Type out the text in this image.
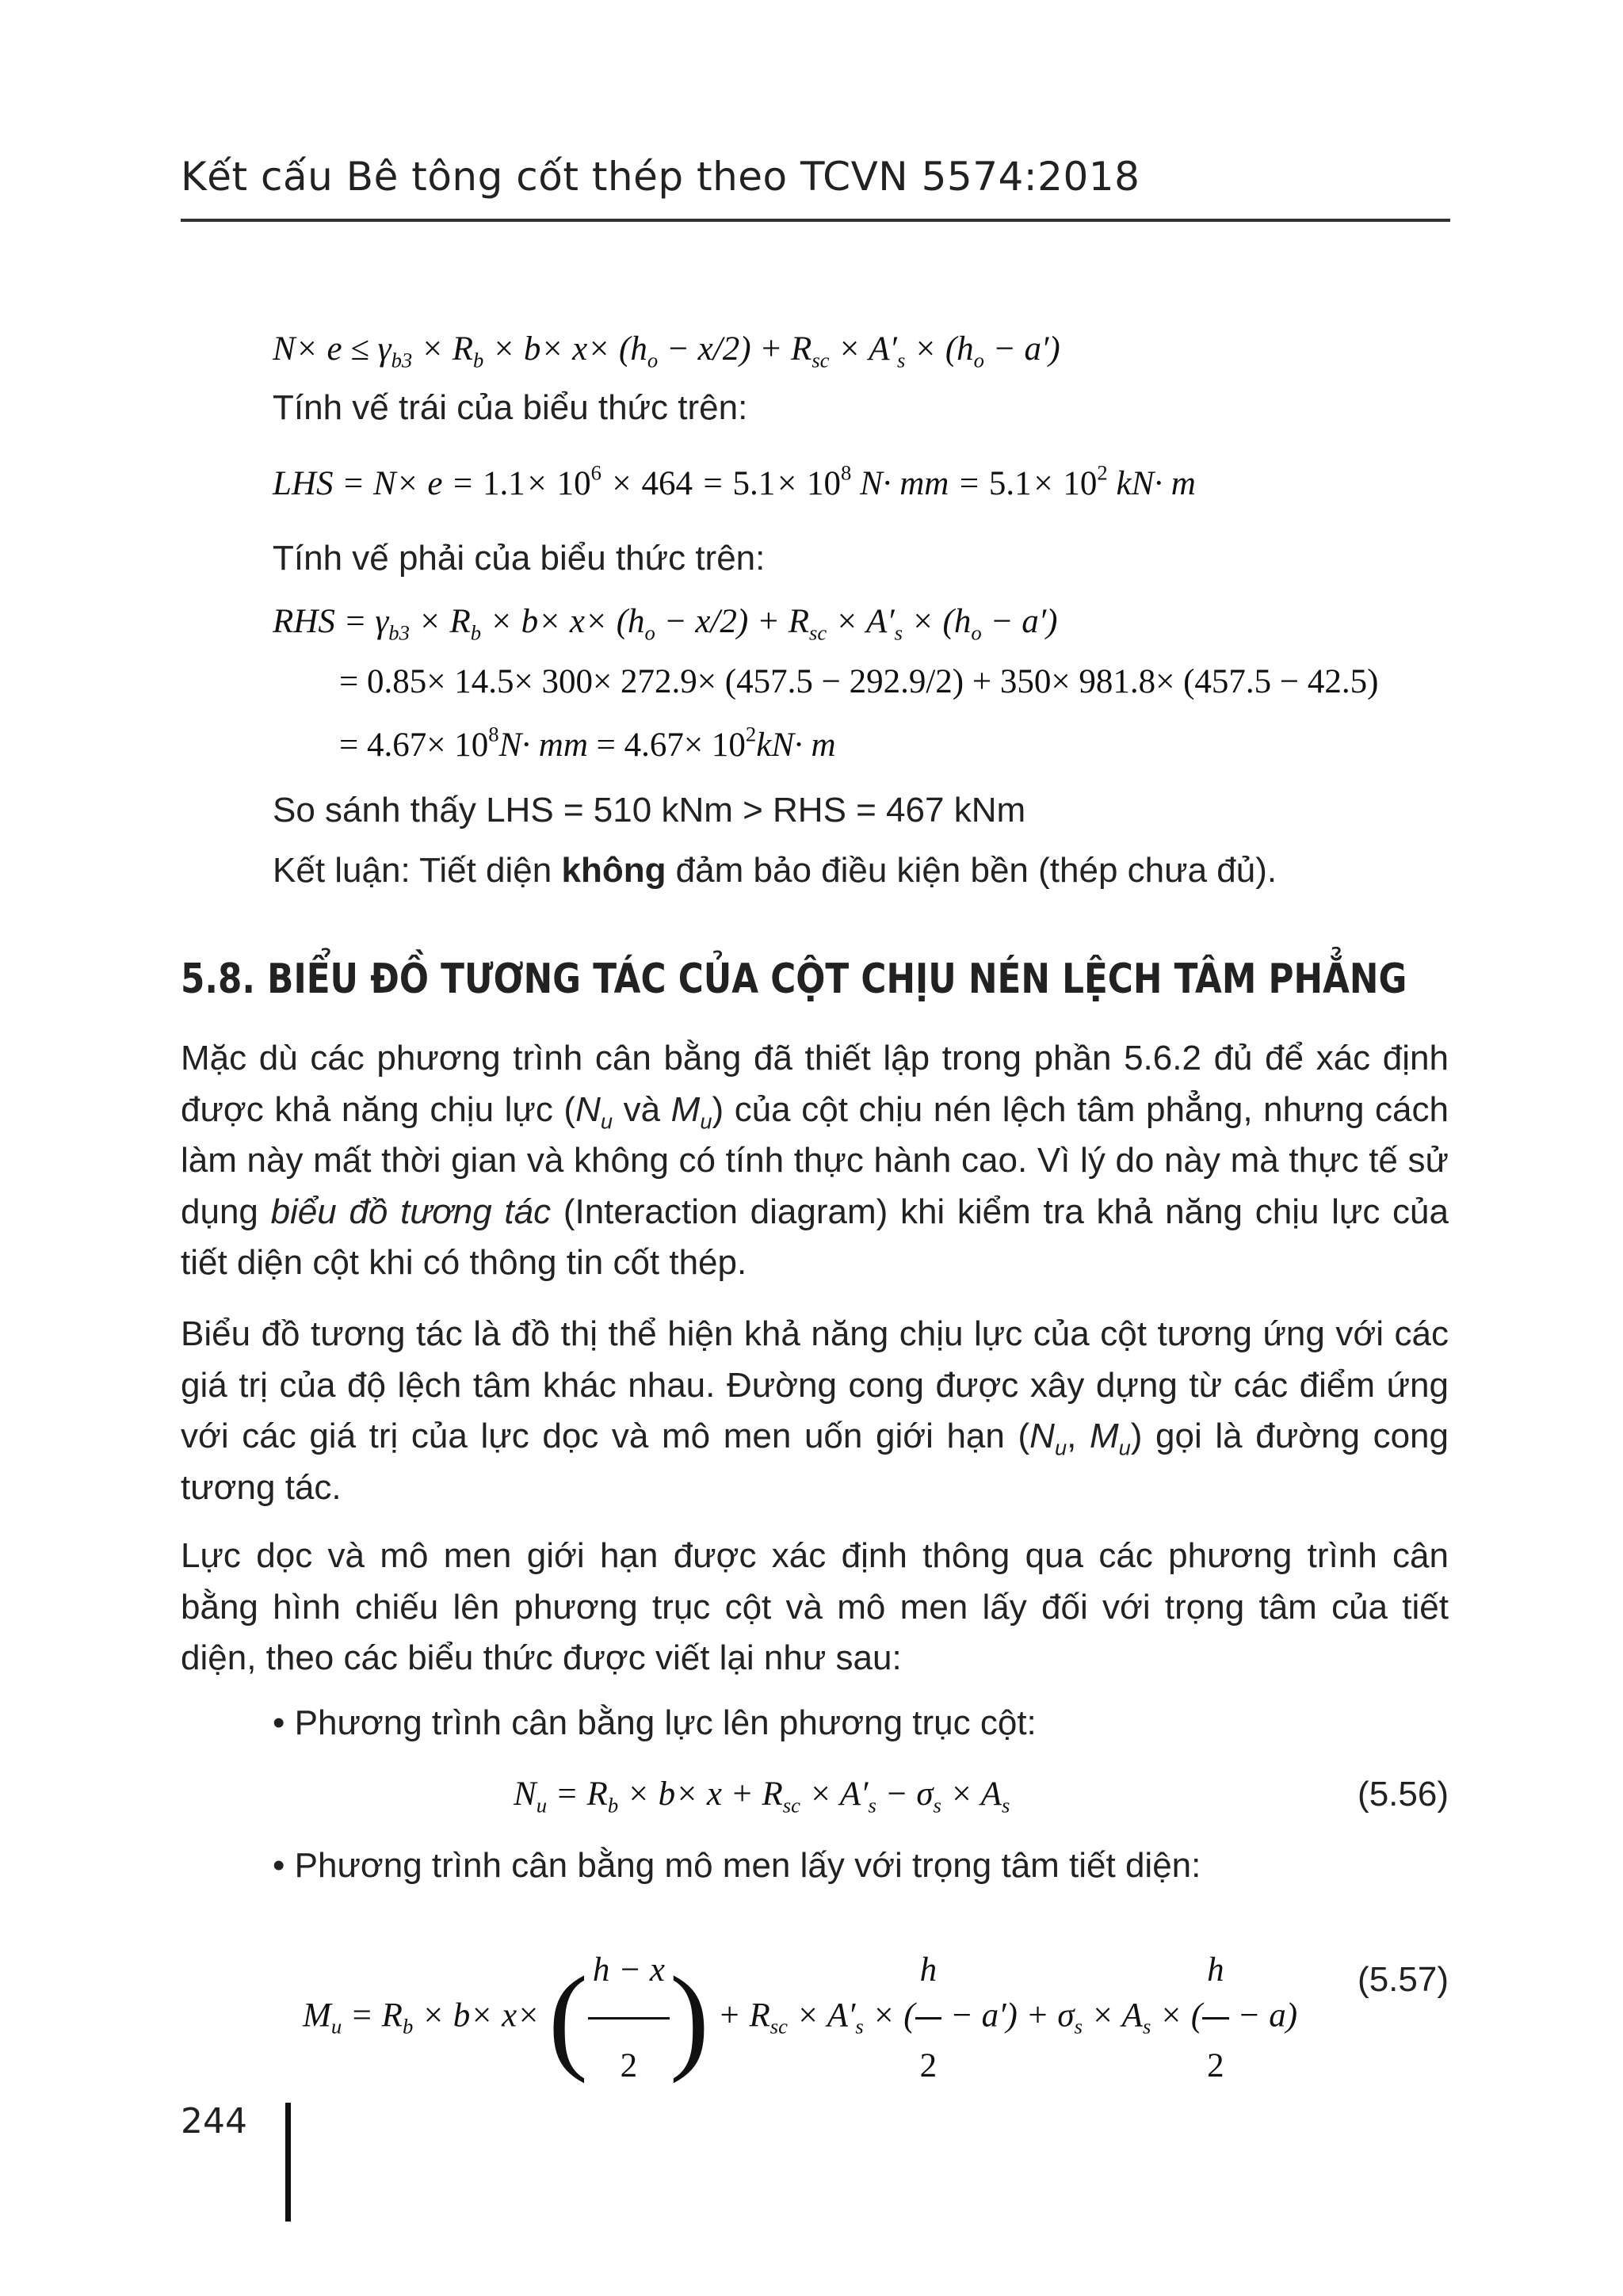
Kết cấu Bê tông cốt thép theo TCVN 5574:2018
$N\times e \le \gamma_{b3} \times R_b \times b\times x\times (h_o - x/2) + R_{sc} \times A'_s \times (h_o - a')$
Tính vế trái của biểu thức trên:
LHS = $N\times e = 1.1\times 10^6 \times 464 = 5.1\times 10^8$ N· mm = $5.1\times 10^2$ kN· m
Tính vế phải của biểu thức trên:
RHS = $\gamma_{b3} \times R_b \times b\times x\times (h_o - x/2) + R_{sc} \times A'_s \times (h_o - a')$
= 0.85× 14.5× 300× 272.9× (457.5 − 292.9/2) + 350× 981.8× (457.5 − 42.5)
= $4.67\times 10^8N\cdot$ mm = $4.67\times 10^2kN\cdot m$
So sánh thấy LHS = 510 kNm > RHS = 467 kNm
Kết luận: Tiết diện không đảm bảo điều kiện bền (thép chưa đủ).
5.8. BIỂU ĐỒ TƯƠNG TÁC CỦA CỘT CHỊU NÉN LỆCH TÂM PHẲNG

Mặc dù các phương trình cân bằng đã thiết lập trong phần 5.6.2 đủ để xác định được khả năng chịu lực ($N_u$ và $M_u$) của cột chịu nén lệch tâm phẳng, nhưng cách làm này mất thời gian và không có tính thực hành cao. Vì lý do này mà thực tế sử dụng biểu đồ tương tác (Interaction diagram) khi kiểm tra khả năng chịu lực của tiết diện cột khi có thông tin cốt thép.

Biểu đồ tương tác là đồ thị thể hiện khả năng chịu lực của cột tương ứng với các giá trị của độ lệch tâm khác nhau. Đường cong được xây dựng từ các điểm ứng với các giá trị của lực dọc và mô men uốn giới hạn ($N_u$, $M_u$) gọi là đường cong tương tác.

Lực dọc và mô men giới hạn được xác định thông qua các phương trình cân bằng hình chiếu lên phương trục cột và mô men lấy đối với trọng tâm của tiết diện, theo các biểu thức được viết lại như sau:
• Phương trình cân bằng lực lên phương trục cột:
$N_u = R_b \times b\times x + R_{sc} \times A'_s - \sigma_s \times A_s$	(5.56)
• Phương trình cân bằng mô men lấy với trọng tâm tiết diện:
$M_u = R_b \times b\times x\times$ ( $\frac{h - x}{2}$ ) + $R_{sc} \times A'_s$ × ( $\frac{h}{2} - a') + \sigma_s \times A_s$ × ( $\frac{h}{2} - a$)
(5.57)
244
